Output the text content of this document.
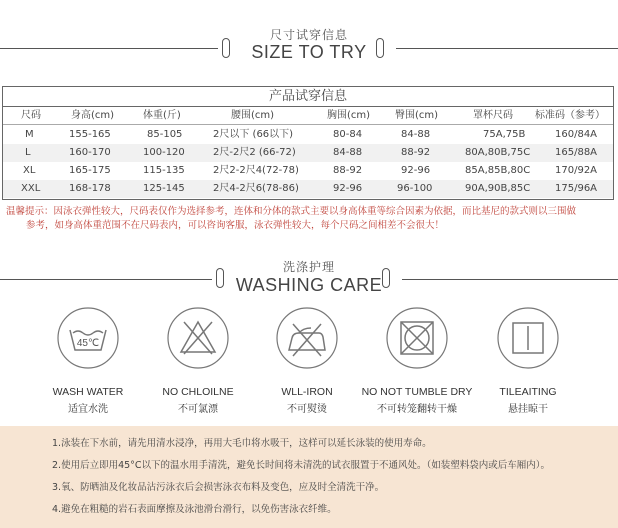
尺寸试穿信息
SIZE TO TRY
产品试穿信息
尺码	身高(cm)	体重(斤)	腰围(cm)	胸围(cm) 臀围(cm)	罩杯尺码 标准码（参考）
M	155-165	85-105	2尺以下 (66以下)	80-84	84-88	75A,75B	160/84A
L	160-170	100-120	2尺-2尺2 (66-72)	84-88	88-92	80A,80B,75C 165/88A
XL	165-175	115-135	2尺2-2尺4(72-78)	88-92	92-96	85A,85B,80C 170/92A
XXL	168-178	125-145	2尺4-2尺6(78-86)	92-96	96-100	90A,90B,85C 175/96A
温馨提示：因泳衣弹性较大，尺码表仅作为选择参考，连体和分体的款式主要以身高体重等综合因素为依据，而比基尼的款式则以三围做
参考，如身高体重范围不在尺码表内，可以咨询客服，泳衣弹性较大，每个尺码之间相差不会很大！
洗涤护理
WASHING CARE
45℃
WASH WATER
适宜水洗
NO CHLOILNE
不可氯漂
WLL-IRON
不可熨烫
NO NOT TUMBLE DRY
不可转笼翻转干燥
TILEAITING
悬挂晾干
1.泳装在下水前，请先用清水浸净，再用大毛巾将水吸干，这样可以延长泳装的使用寿命。
2.使用后立即用45°C以下的温水用手清洗，避免长时间将未清洗的试衣服置于不通风处。（如装塑料袋内或后车厢内）。
3.氧、防晒油及化妆品沾污泳衣后会损害泳衣布料及变色，应及时全清洗干净。
4.避免在粗糙的岩石表面摩擦及泳池滑台滑行，以免伤害泳衣纤维。
